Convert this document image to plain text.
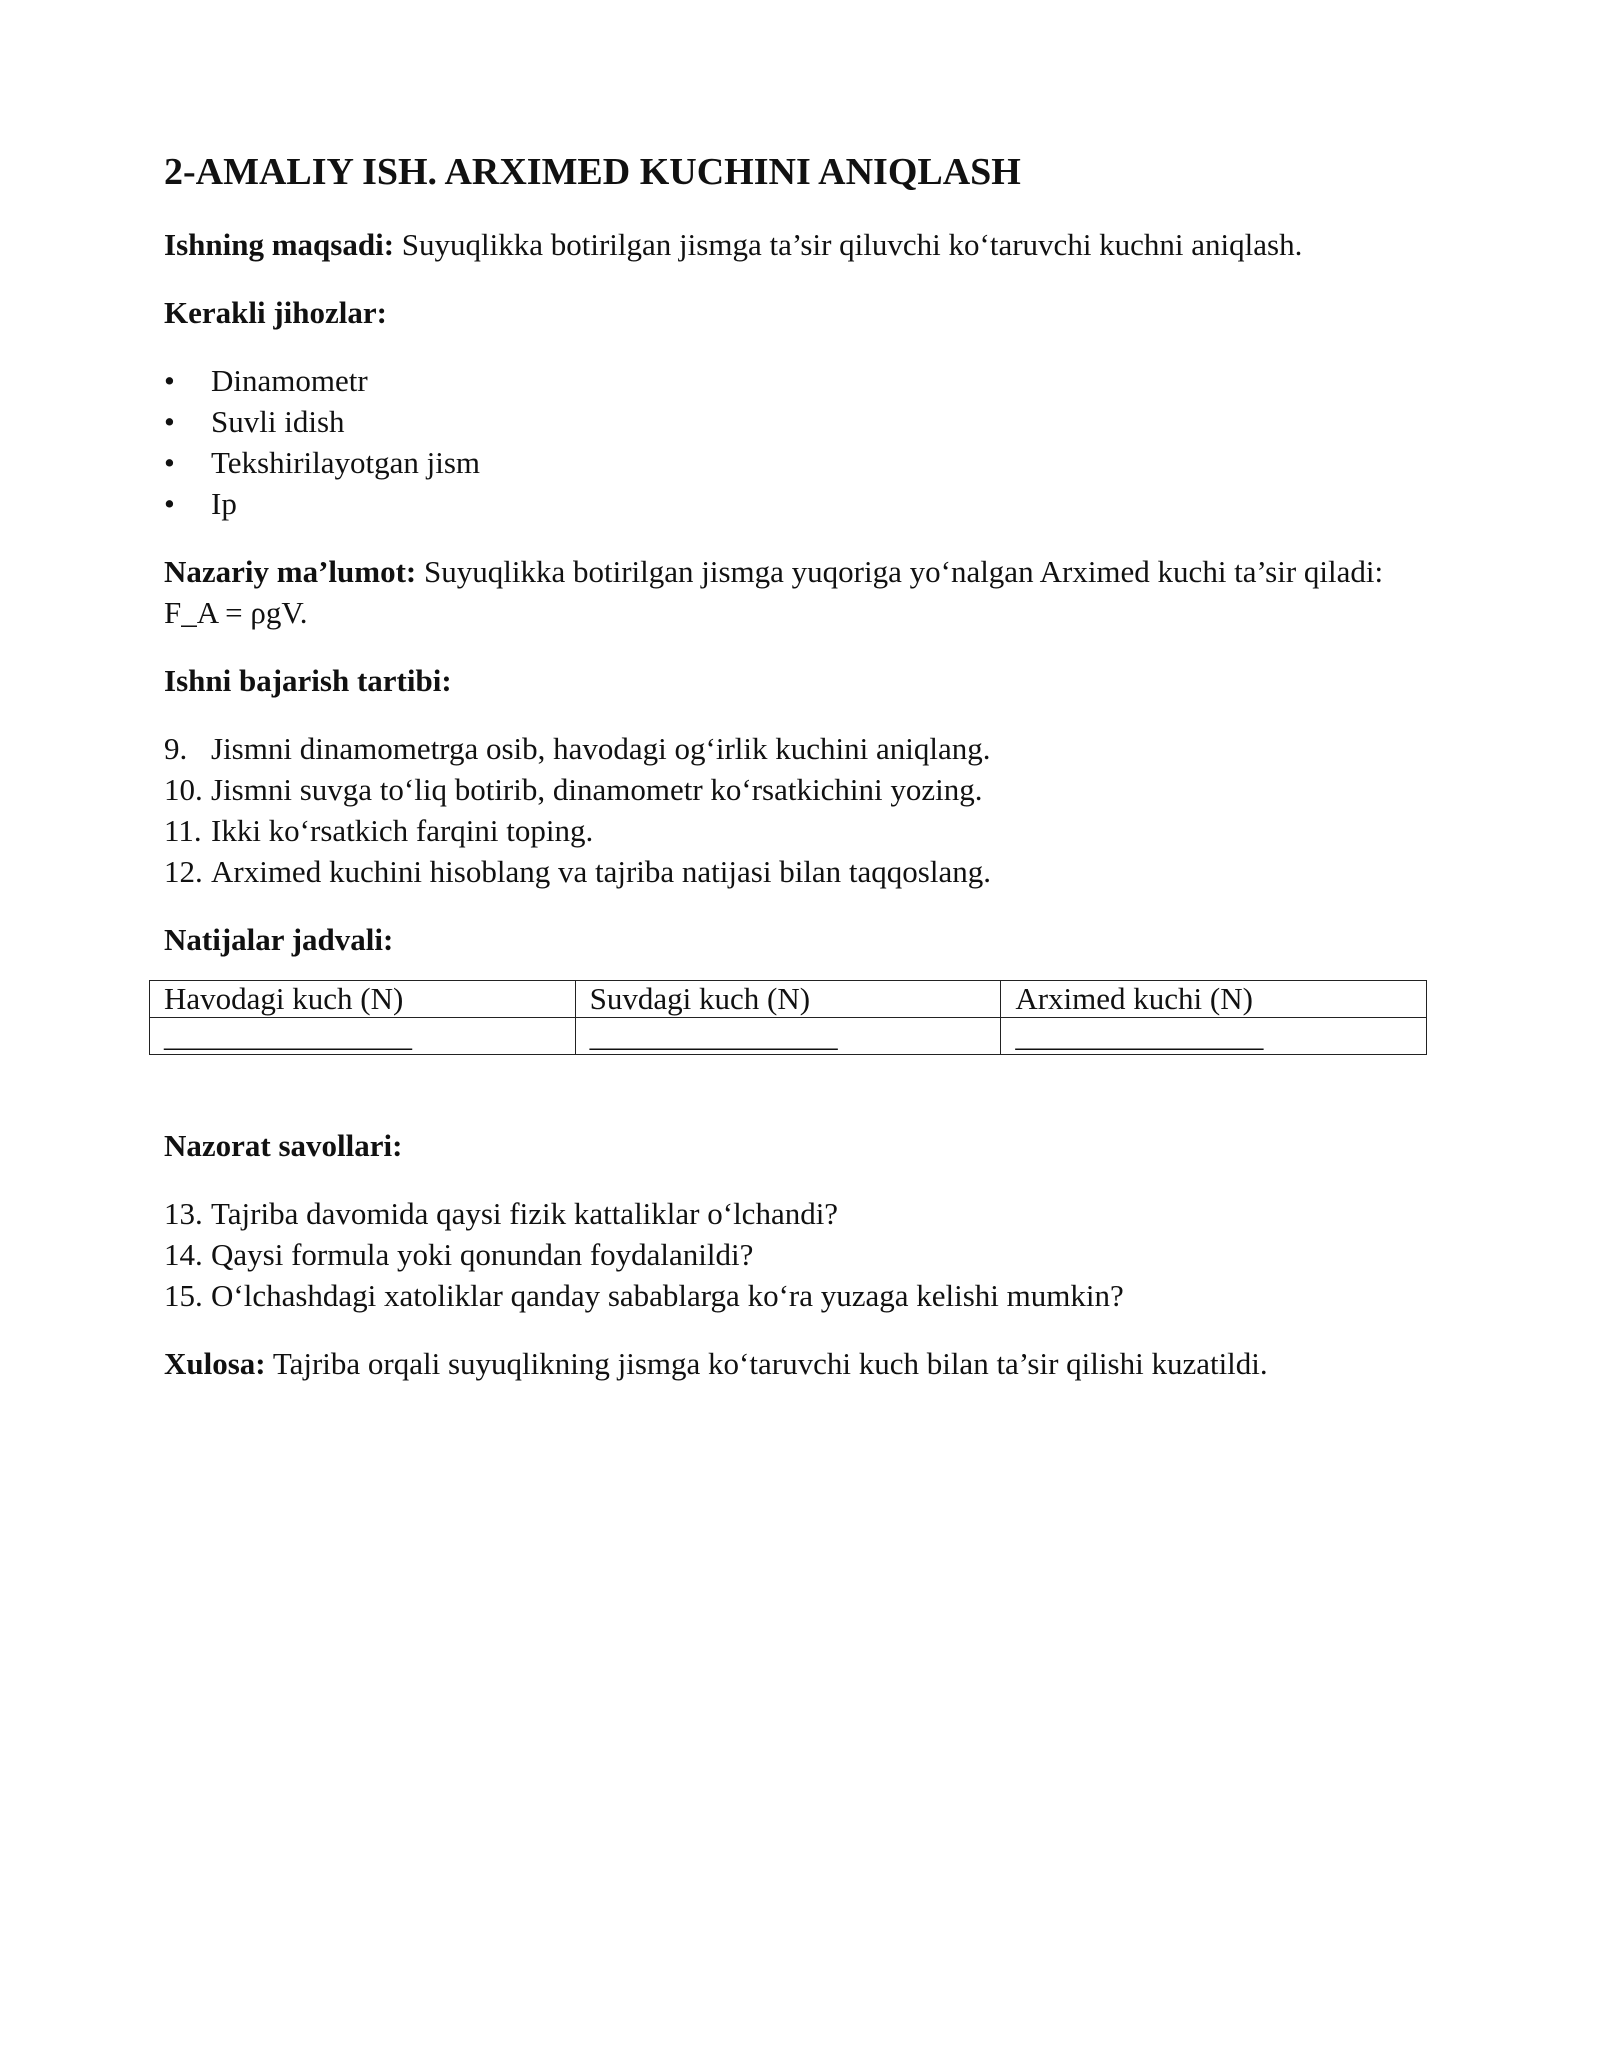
2-AMALIY ISH. ARXIMED KUCHINI ANIQLASH

Ishning maqsadi: Suyuqlikka botirilgan jismga ta’sir qiluvchi ko‘taruvchi kuchni aniqlash.

Kerakli jihozlar:

•	Dinamometr
•	Suvli idish
•	Tekshirilayotgan jism
•	Ip

Nazariy ma’lumot: Suyuqlikka botirilgan jismga yuqoriga yo‘nalgan Arximed kuchi ta’sir qiladi:
F_A = ρgV.

Ishni bajarish tartibi:

9. Jismni dinamometrga osib, havodagi og‘irlik kuchini aniqlang.
10. Jismni suvga to‘liq botirib, dinamometr ko‘rsatkichini yozing.
11. Ikki ko‘rsatkich farqini toping.
12. Arximed kuchini hisoblang va tajriba natijasi bilan taqqoslang.

Natijalar jadvali:

Havodagi kuch (N)	Suvdagi kuch (N)	Arximed kuchi (N)
________________	________________	________________

Nazorat savollari:

13. Tajriba davomida qaysi fizik kattaliklar o‘lchandi?
14. Qaysi formula yoki qonundan foydalanildi?
15. O‘lchashdagi xatoliklar qanday sabablarga ko‘ra yuzaga kelishi mumkin?

Xulosa: Tajriba orqali suyuqlikning jismga ko‘taruvchi kuch bilan ta’sir qilishi kuzatildi.
